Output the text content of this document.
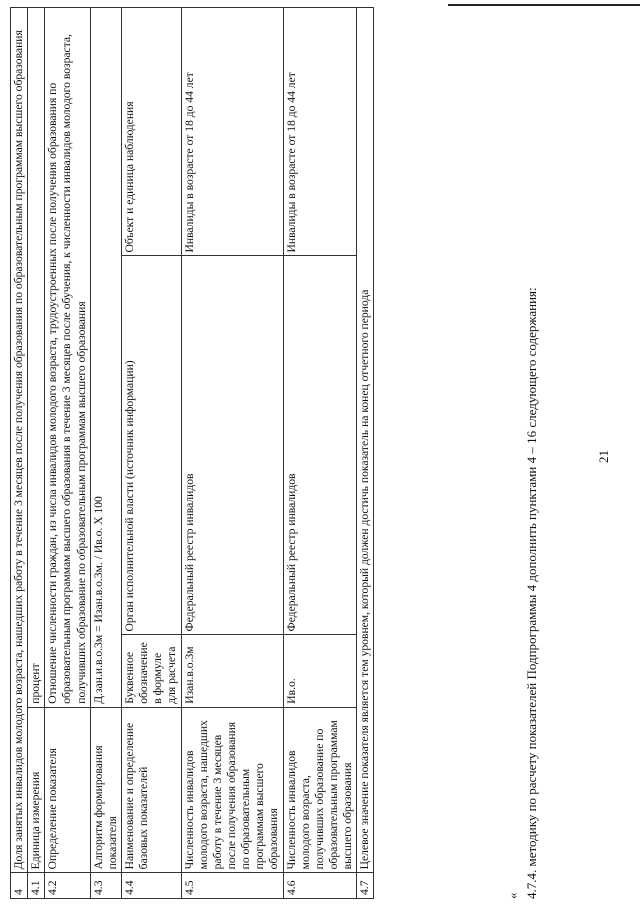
21
« 4.7.4. методику по расчету показателей Подпрограммы 4 дополнить пунктами 4 – 16 следующего содержания:
4	Доля занятых инвалидов молодого возраста, нашедших работу в течение 3 месяцев после получения образования по образовательным программам высшего образования			
4.1	Единица измерения	процент		
4.2	Определение показателя	Отношение численности граждан, из числа инвалидов молодого возраста, трудоустроенных после получения образования по образовательным программам высшего образования в течение 3 месяцев после обучения, к численности инвалидов молодого возраста, получивших образование по образовательным программам высшего образования		
4.3	Алгоритм формирования показателя	Д.зан.и.в.о.3м = Изан.в.о.3м. / Ив.о. Х 100		
4.4	Наименование и определение базовых показателей	Буквенное обозначение в формуле для расчета	Орган исполнительной власти (источник информации)	Объект и единица наблюдения
4.5	Численность инвалидов молодого возраста, нашедших работу в течение 3 месяцев после получения образования по образовательным программам высшего образования	Изан.в.о.3м	Федеральный реестр инвалидов	Инвалиды в возрасте от 18 до 44 лет
4.6	Численность инвалидов молодого возраста, получивших образование по образовательным программам высшего образования	Ив.о.	Федеральный реестр инвалидов	Инвалиды в возрасте от 18 до 44 лет
4.7	Целевое значение показателя является тем уровнем, который должен достичь показатель на конец отчетного периода			
